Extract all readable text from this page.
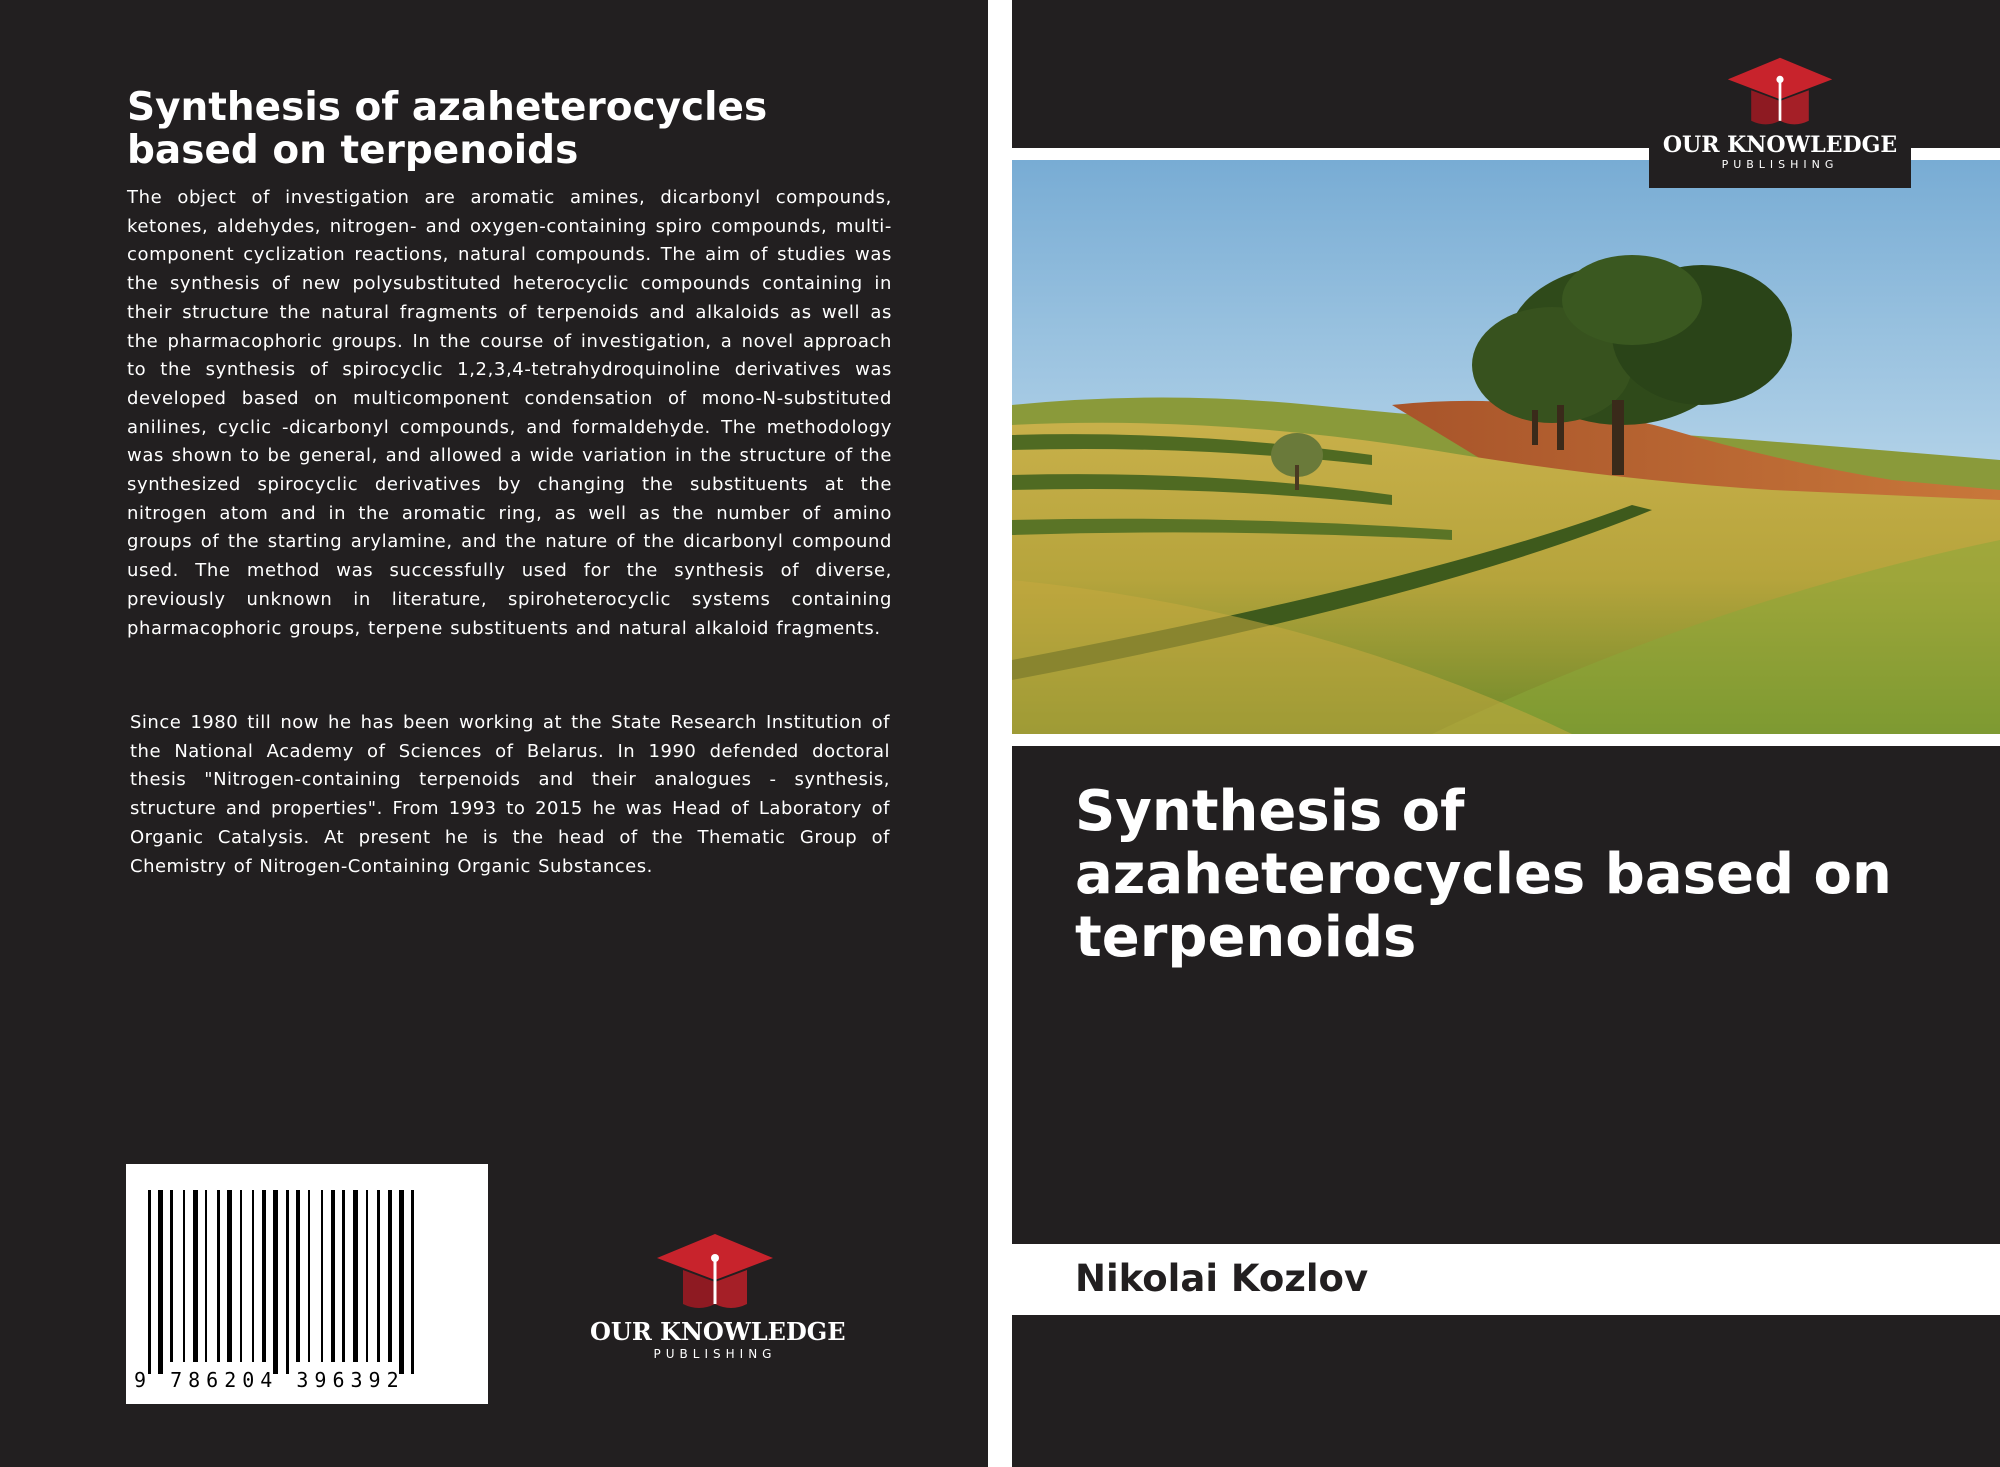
Synthesis of azaheterocycles based on terpenoids

The object of investigation are aromatic amines, dicarbonyl compounds, ketones, aldehydes, nitrogen- and oxygen-containing spiro compounds, multi-component cyclization reactions, natural compounds. The aim of studies was the synthesis of new polysubstituted heterocyclic compounds containing in their structure the natural fragments of terpenoids and alkaloids as well as the pharmacophoric groups. In the course of investigation, a novel approach to the synthesis of spirocyclic 1,2,3,4-tetrahydroquinoline derivatives was developed based on multicomponent condensation of mono-N-substituted anilines, cyclic -dicarbonyl compounds, and formaldehyde. The methodology was shown to be general, and allowed a wide variation in the structure of the synthesized spirocyclic derivatives by changing the substituents at the nitrogen atom and in the aromatic ring, as well as the number of amino groups of the starting arylamine, and the nature of the dicarbonyl compound used. The method was successfully used for the synthesis of diverse, previously unknown in literature, spiroheterocyclic systems containing pharmacophoric groups, terpene substituents and natural alkaloid fragments.

Since 1980 till now he has been working at the State Research Institution of the National Academy of Sciences of Belarus. In 1990 defended doctoral thesis "Nitrogen-containing terpenoids and their analogues - synthesis, structure and properties". From 1993 to 2015 he was Head of Laboratory of Organic Catalysis. At present he is the head of the Thematic Group of Chemistry of Nitrogen-Containing Organic Substances.

9 786204 396392
OUR KNOWLEDGE
PUBLISHING
OUR KNOWLEDGE
PUBLISHING
Synthesis of azaheterocycles based on terpenoids
Nikolai Kozlov
